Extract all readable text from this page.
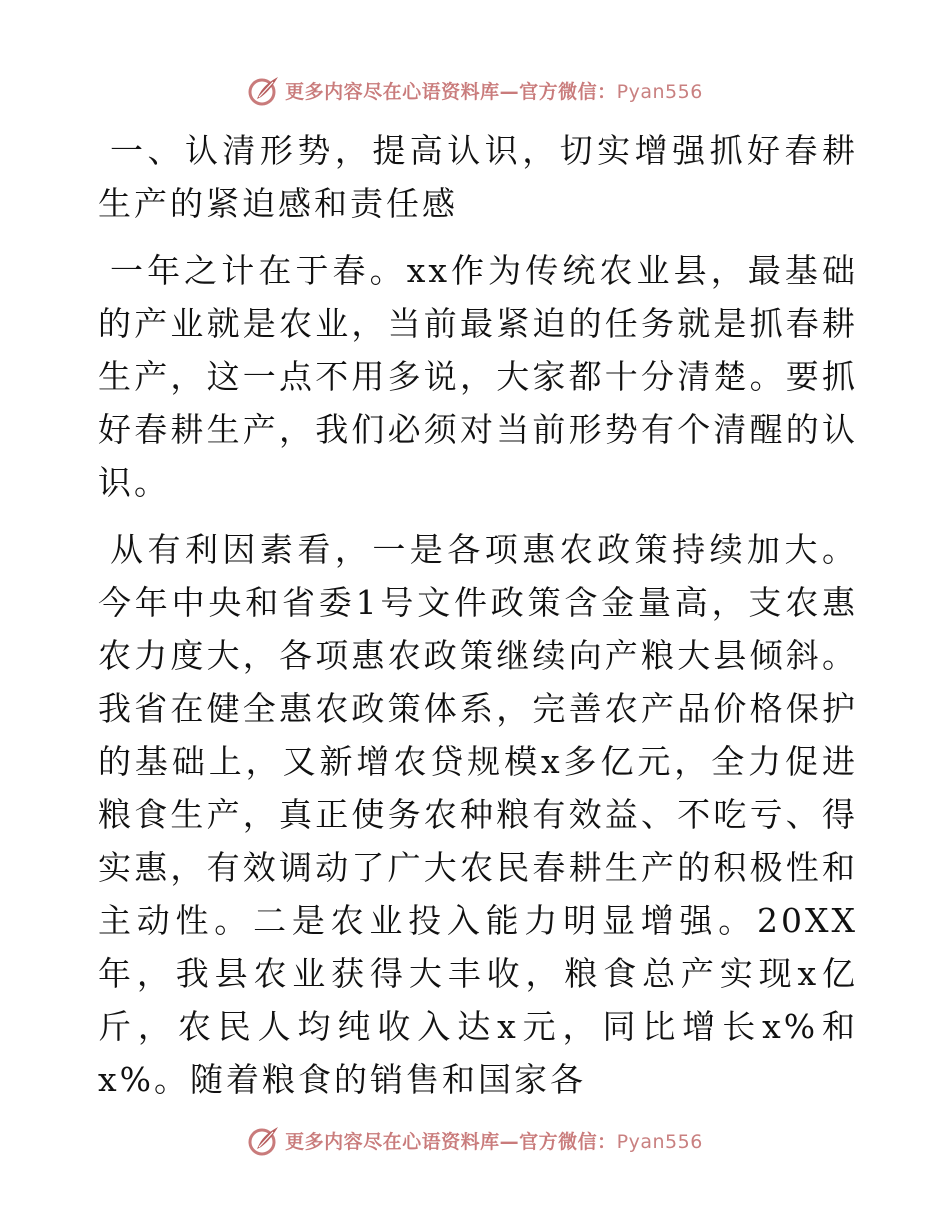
更多内容尽在心语资料库—官方微信：Pyan556

一、认清形势，提高认识，切实增强抓好春耕生产的紧迫感和责任感

一年之计在于春。xx作为传统农业县，最基础的产业就是农业，当前最紧迫的任务就是抓春耕生产，这一点不用多说，大家都十分清楚。要抓好春耕生产，我们必须对当前形势有个清醒的认识。

从有利因素看，一是各项惠农政策持续加大。今年中央和省委1号文件政策含金量高，支农惠农力度大，各项惠农政策继续向产粮大县倾斜。我省在健全惠农政策体系，完善农产品价格保护的基础上，又新增农贷规模x多亿元，全力促进粮食生产，真正使务农种粮有效益、不吃亏、得实惠，有效调动了广大农民春耕生产的积极性和主动性。二是农业投入能力明显增强。20XX年，我县农业获得大丰收，粮食总产实现x亿斤，农民人均纯收入达x元，同比增长x%和x%。随着粮食的销售和国家各

更多内容尽在心语资料库—官方微信：Pyan556
